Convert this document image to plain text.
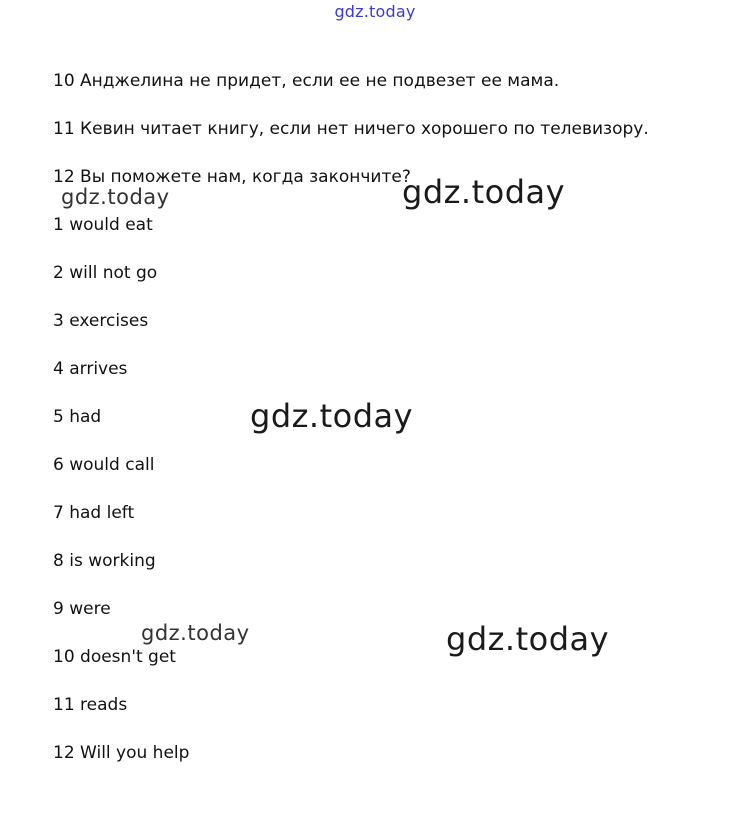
gdz.today
10 Анджелина не придет, если ее не подвезет ее мама.
11 Кевин читает книгу, если нет ничего хорошего по телевизору.
12 Вы поможете нам, когда закончите?
1 would eat
2 will not go
3 exercises
4 arrives
5 had
6 would call
7 had left
8 is working
9 were
10 doesn't get
11 reads
12 Will you help
gdz.today	gdz.today
gdz.today
gdz.today	gdz.today
